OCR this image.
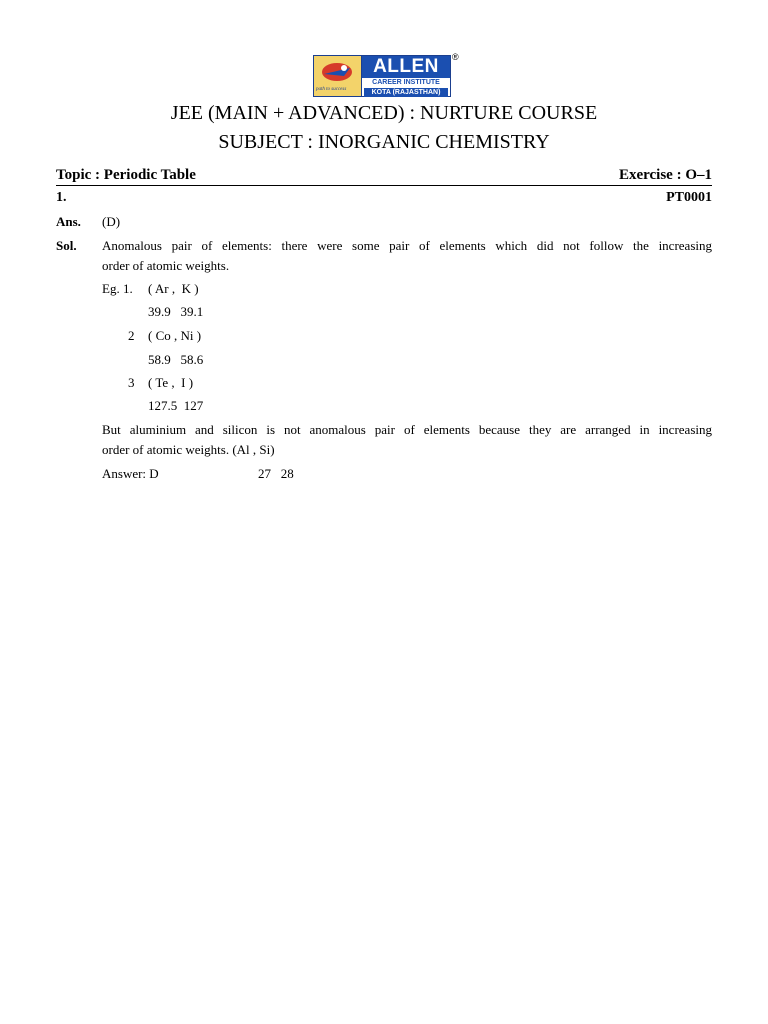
path to success
ALLEN
CAREER INSTITUTE
KOTA (RAJASTHAN)
®
JEE (MAIN + ADVANCED) : NURTURE COURSE
SUBJECT : INORGANIC CHEMISTRY
Topic : Periodic Table	Exercise : O–1
1.	PT0001
Ans. (D)
Sol. Anomalous pair of elements: there were some pair of elements which did not follow the increasing
order of atomic weights.
Eg. 1. ( Ar ,  K )
39.9   39.1
2 ( Co , Ni )
58.9   58.6
3 ( Te ,  I )
127.5  127
But aluminium and silicon is not anomalous pair of elements because they are arranged in increasing
order of atomic weights. (Al , Si)
Answer: D	27   28
